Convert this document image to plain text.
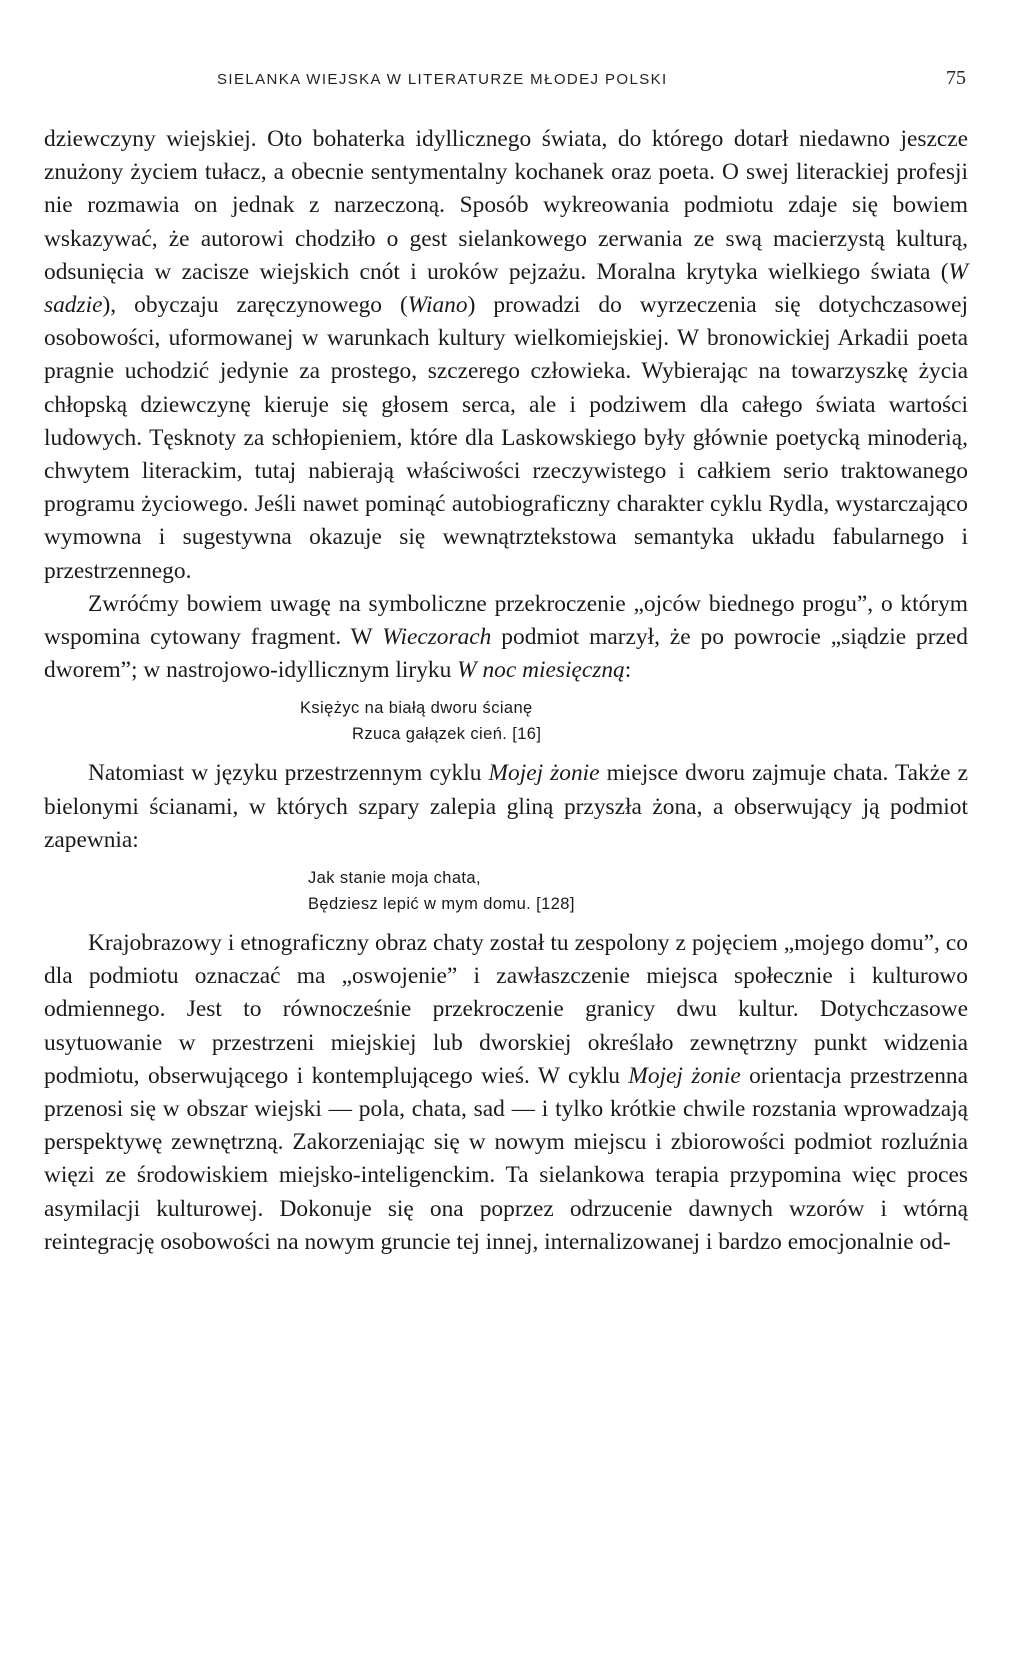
SIELANKA WIEJSKA W LITERATURZE MŁODEJ POLSKI	75

dziewczyny wiejskiej. Oto bohaterka idyllicznego świata, do którego dotarł niedawno jeszcze znużony życiem tułacz, a obecnie sentymentalny kochanek oraz poeta. O swej literackiej profesji nie rozmawia on jednak z narzeczoną. Sposób wykreowania podmiotu zdaje się bowiem wskazywać, że autorowi chodziło o gest sielankowego zerwania ze swą macierzystą kulturą, odsunięcia w zacisze wiejskich cnót i uroków pejzażu. Moralna krytyka wielkiego świata (W sadzie), obyczaju zaręczynowego (Wiano) prowadzi do wyrzeczenia się dotychczasowej osobowości, uformowanej w warunkach kultury wielkomiejskiej. W bronowickiej Arkadii poeta pragnie uchodzić jedynie za prostego, szczerego człowieka. Wybierając na towarzyszkę życia chłopską dziewczynę kieruje się głosem serca, ale i podziwem dla całego świata wartości ludowych. Tęsknoty za schłopieniem, które dla Laskowskiego były głównie poetycką minoderią, chwytem literackim, tutaj nabierają właściwości rzeczywistego i całkiem serio traktowanego programu życiowego. Jeśli nawet pominąć autobiograficzny charakter cyklu Rydla, wystarczająco wymowna i sugestywna okazuje się wewnątrztekstowa semantyka układu fabularnego i przestrzennego.

Zwróćmy bowiem uwagę na symboliczne przekroczenie „ojców biednego progu”, o którym wspomina cytowany fragment. W Wieczorach podmiot marzył, że po powrocie „siądzie przed dworem”; w nastrojowo-idyllicznym liryku W noc miesięczną:

Księżyc na białą dworu ścianę
Rzuca gałązek cień. [16]

Natomiast w języku przestrzennym cyklu Mojej żonie miejsce dworu zajmuje chata. Także z bielonymi ścianami, w których szpary zalepia gliną przyszła żona, a obserwujący ją podmiot zapewnia:

Jak stanie moja chata,
Będziesz lepić w mym domu. [128]

Krajobrazowy i etnograficzny obraz chaty został tu zespolony z pojęciem „mojego domu”, co dla podmiotu oznaczać ma „oswojenie” i zawłaszczenie miejsca społecznie i kulturowo odmiennego. Jest to równocześnie przekroczenie granicy dwu kultur. Dotychczasowe usytuowanie w przestrzeni miejskiej lub dworskiej określało zewnętrzny punkt widzenia podmiotu, obserwującego i kontemplującego wieś. W cyklu Mojej żonie orientacja przestrzenna przenosi się w obszar wiejski — pola, chata, sad — i tylko krótkie chwile rozstania wprowadzają perspektywę zewnętrzną. Zakorzeniając się w nowym miejscu i zbiorowości podmiot rozluźnia więzi ze środowiskiem miejsko-inteligenckim. Ta sielankowa terapia przypomina więc proces asymilacji kulturowej. Dokonuje się ona poprzez odrzucenie dawnych wzorów i wtórną reintegrację osobowości na nowym gruncie tej innej, internalizowanej i bardzo emocjonalnie od-
